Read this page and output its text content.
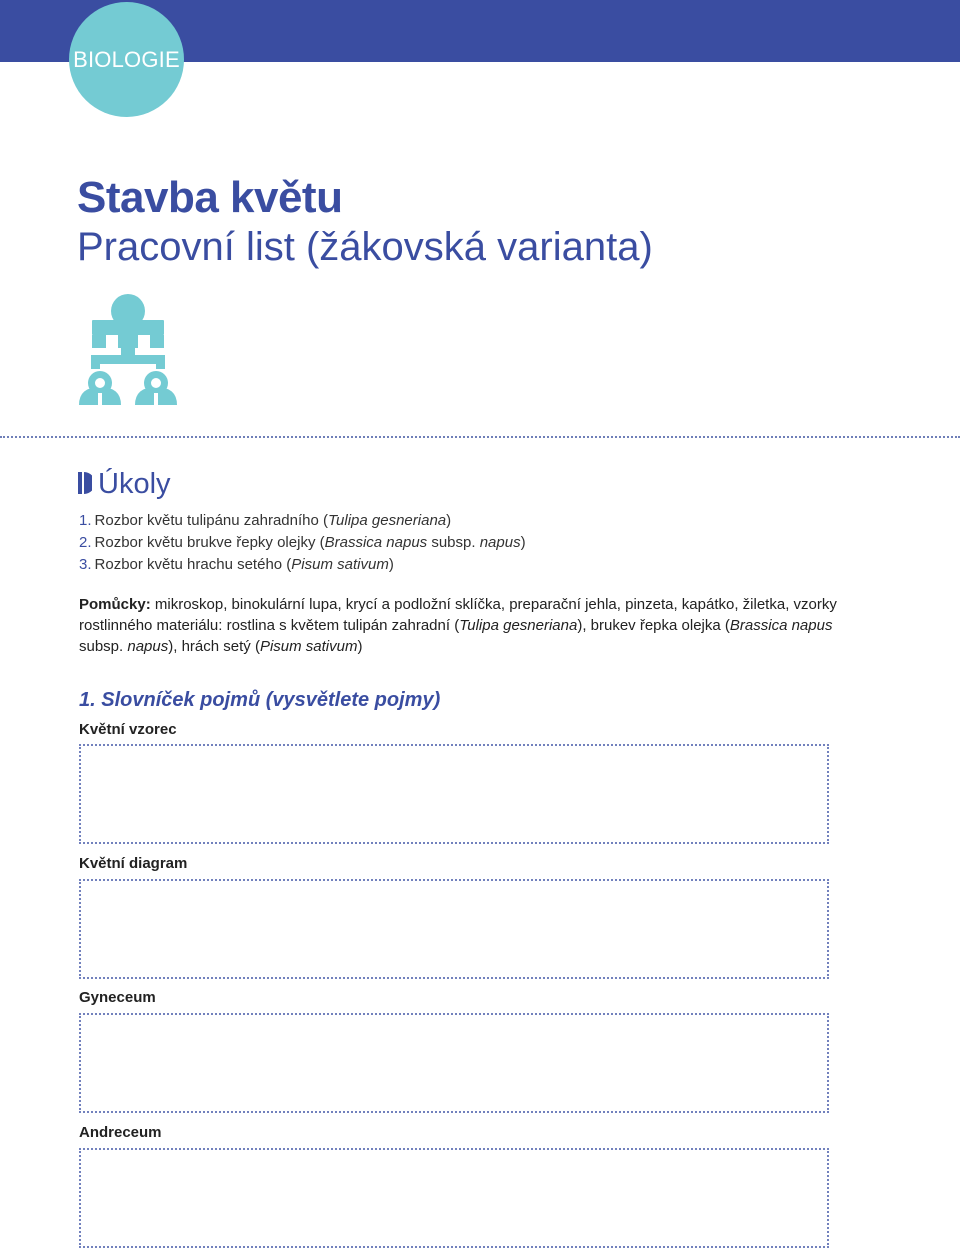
BIOLOGIE
Stavba květu
Pracovní list (žákovská varianta)
Úkoly
1. Rozbor květu tulipánu zahradního (Tulipa gesneriana)
2. Rozbor květu brukve řepky olejky (Brassica napus subsp. napus)
3. Rozbor květu hrachu setého (Pisum sativum)
Pomůcky: mikroskop, binokulární lupa, krycí a podložní sklíčka, preparační jehla, pinzeta, kapátko, žiletka, vzorky rostlinného materiálu: rostlina s květem tulipán zahradní (Tulipa gesneriana), brukev řepka olejka (Brassica napus subsp. napus), hrách setý (Pisum sativum)
1. Slovníček pojmů (vysvětlete pojmy)
Květní vzorec
Květní diagram
Gyneceum
Andreceum
